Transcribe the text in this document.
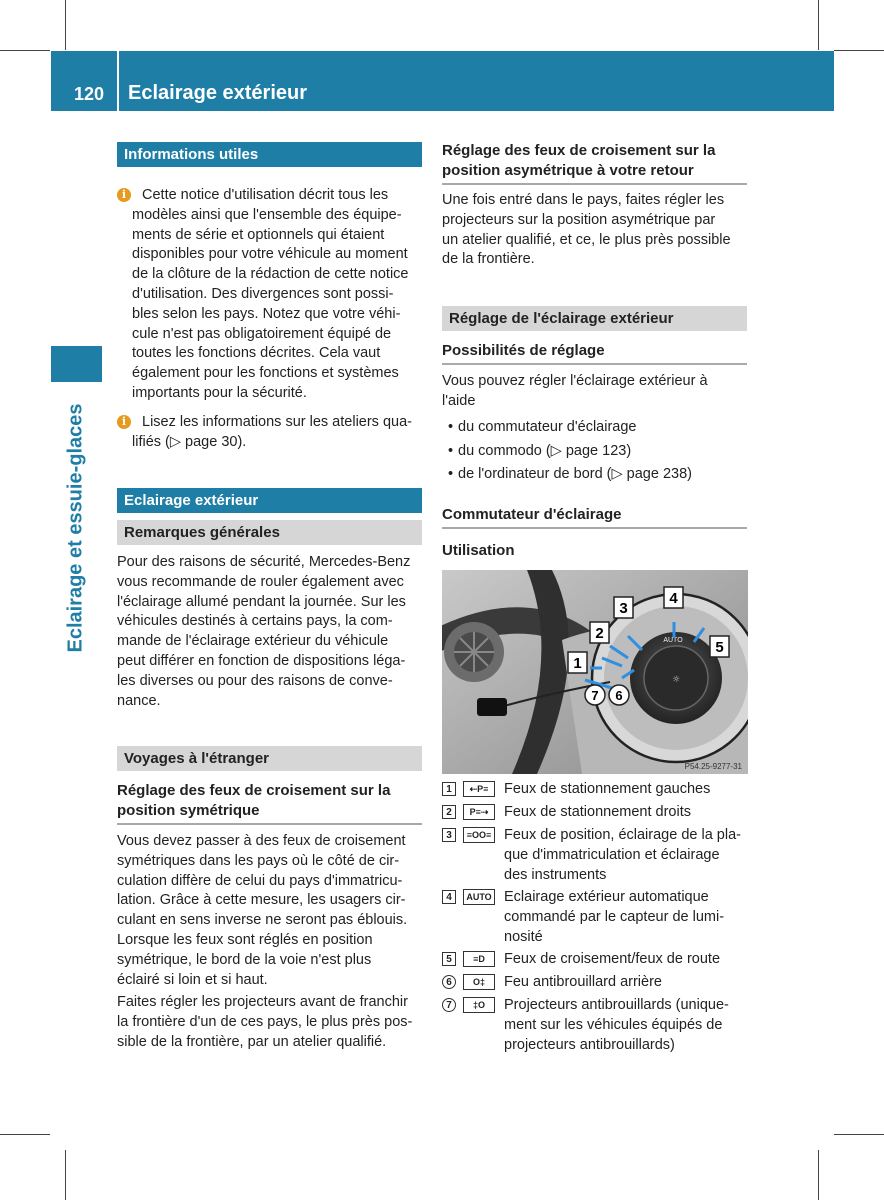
120 Eclairage extérieur
Eclairage et essuie-glaces
Informations utiles
i	Cette notice d'utilisation décrit tous les
modèles ainsi que l'ensemble des équipe-
ments de série et optionnels qui étaient
disponibles pour votre véhicule au moment
de la clôture de la rédaction de cette notice
d'utilisation. Des divergences sont possi-
bles selon les pays. Notez que votre véhi-
cule n'est pas obligatoirement équipé de
toutes les fonctions décrites. Cela vaut
également pour les fonctions et systèmes
importants pour la sécurité.
i	Lisez les informations sur les ateliers qua-
lifiés (▷ page 30).
Eclairage extérieur
Remarques générales
Pour des raisons de sécurité, Mercedes-Benz
vous recommande de rouler également avec
l'éclairage allumé pendant la journée. Sur les
véhicules destinés à certains pays, la com-
mande de l'éclairage extérieur du véhicule
peut différer en fonction de dispositions léga-
les diverses ou pour des raisons de conve-
nance.
Voyages à l'étranger
Réglage des feux de croisement sur la
position symétrique
Vous devez passer à des feux de croisement
symétriques dans les pays où le côté de cir-
culation diffère de celui du pays d'immatricu-
lation. Grâce à cette mesure, les usagers cir-
culant en sens inverse ne seront pas éblouis.
Lorsque les feux sont réglés en position
symétrique, le bord de la voie n'est plus
éclairé si loin et si haut.
Faites régler les projecteurs avant de franchir
la frontière d'un de ces pays, le plus près pos-
sible de la frontière, par un atelier qualifié.
Réglage des feux de croisement sur la
position asymétrique à votre retour
Une fois entré dans le pays, faites régler les
projecteurs sur la position asymétrique par
un atelier qualifié, et ce, le plus près possible
de la frontière.
Réglage de l'éclairage extérieur
Possibilités de réglage
Vous pouvez régler l'éclairage extérieur à
l'aide
• du commutateur d'éclairage
• du commodo (▷ page 123)
• de l'ordinateur de bord (▷ page 238)
Commutateur d'éclairage
Utilisation
☼
AUTO
1
2
3
4
5
7 6
P54.25-9277-31
1	⇠P≡	Feux de stationnement gauches
2	P≡⇢	Feux de stationnement droits
3	≡OO≡ Feux de position, éclairage de la pla-
que d'immatriculation et éclairage
des instruments
4	AUTO Eclairage extérieur automatique
commandé par le capteur de lumi-
nosité
5	≡D	Feux de croisement/feux de route
6	O‡	Feu antibrouillard arrière
7	‡O	Projecteurs antibrouillards (unique-
ment sur les véhicules équipés de
projecteurs antibrouillards)
